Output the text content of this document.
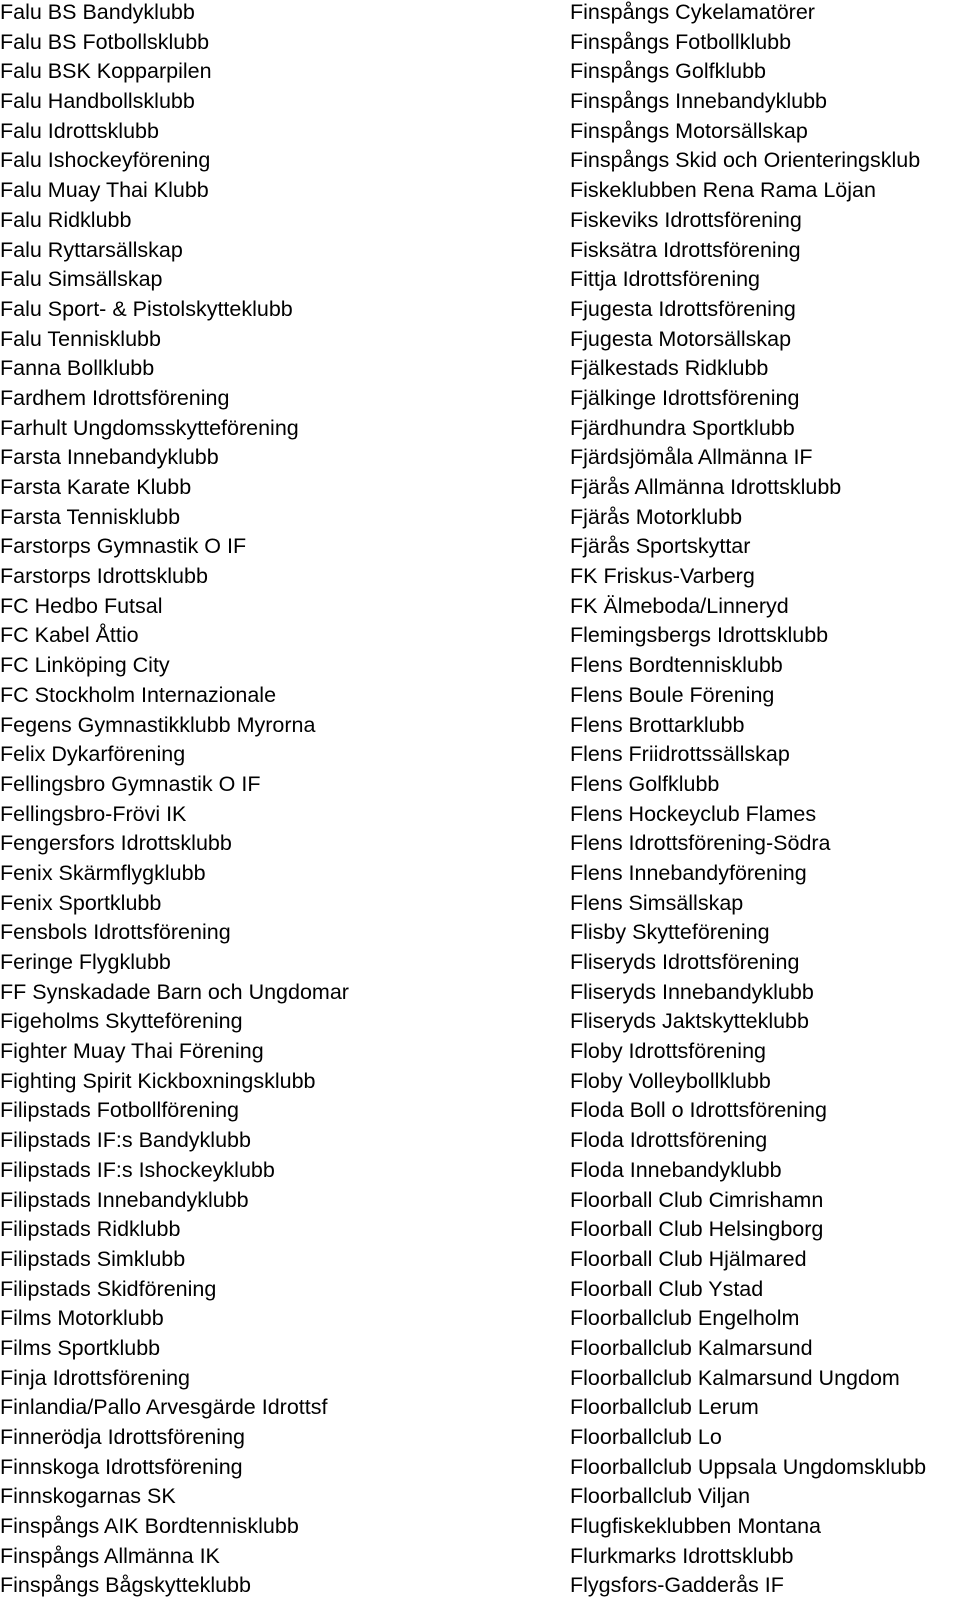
Falu BS Bandyklubb
Falu BS Fotbollsklubb
Falu BSK Kopparpilen
Falu Handbollsklubb
Falu Idrottsklubb
Falu Ishockeyförening
Falu Muay Thai Klubb
Falu Ridklubb
Falu Ryttarsällskap
Falu Simsällskap
Falu Sport- & Pistolskytteklubb
Falu Tennisklubb
Fanna Bollklubb
Fardhem Idrottsförening
Farhult Ungdomsskytteförening
Farsta Innebandyklubb
Farsta Karate Klubb
Farsta Tennisklubb
Farstorps Gymnastik O IF
Farstorps Idrottsklubb
FC Hedbo Futsal
FC Kabel Åttio
FC Linköping City
FC Stockholm Internazionale
Fegens Gymnastikklubb Myrorna
Felix Dykarförening
Fellingsbro Gymnastik O IF
Fellingsbro-Frövi IK
Fengersfors Idrottsklubb
Fenix Skärmflygklubb
Fenix Sportklubb
Fensbols Idrottsförening
Feringe Flygklubb
FF Synskadade Barn och Ungdomar
Figeholms Skytteförening
Fighter Muay Thai Förening
Fighting Spirit Kickboxningsklubb
Filipstads Fotbollförening
Filipstads IF:s Bandyklubb
Filipstads IF:s Ishockeyklubb
Filipstads Innebandyklubb
Filipstads Ridklubb
Filipstads Simklubb
Filipstads Skidförening
Films Motorklubb
Films Sportklubb
Finja Idrottsförening
Finlandia/Pallo Arvesgärde Idrottsf
Finnerödja Idrottsförening
Finnskoga Idrottsförening
Finnskogarnas SK
Finspångs AIK Bordtennisklubb
Finspångs Allmänna IK
Finspångs Bågskytteklubb
Finspångs Cykelamatörer
Finspångs Fotbollklubb
Finspångs Golfklubb
Finspångs Innebandyklubb
Finspångs Motorsällskap
Finspångs Skid och Orienteringsklub
Fiskeklubben Rena Rama Löjan
Fiskeviks Idrottsförening
Fisksätra Idrottsförening
Fittja Idrottsförening
Fjugesta Idrottsförening
Fjugesta Motorsällskap
Fjälkestads Ridklubb
Fjälkinge Idrottsförening
Fjärdhundra Sportklubb
Fjärdsjömåla Allmänna IF
Fjärås Allmänna Idrottsklubb
Fjärås Motorklubb
Fjärås Sportskyttar
FK Friskus-Varberg
FK Älmeboda/Linneryd
Flemingsbergs Idrottsklubb
Flens Bordtennisklubb
Flens Boule Förening
Flens Brottarklubb
Flens Friidrottssällskap
Flens Golfklubb
Flens Hockeyclub Flames
Flens Idrottsförening-Södra
Flens Innebandyförening
Flens Simsällskap
Flisby Skytteförening
Fliseryds Idrottsförening
Fliseryds Innebandyklubb
Fliseryds Jaktskytteklubb
Floby Idrottsförening
Floby Volleybollklubb
Floda Boll o Idrottsförening
Floda Idrottsförening
Floda Innebandyklubb
Floorball Club Cimrishamn
Floorball Club Helsingborg
Floorball Club Hjälmared
Floorball Club Ystad
Floorballclub Engelholm
Floorballclub Kalmarsund
Floorballclub Kalmarsund Ungdom
Floorballclub Lerum
Floorballclub Lo
Floorballclub Uppsala Ungdomsklubb
Floorballclub Viljan
Flugfiskeklubben Montana
Flurkmarks Idrottsklubb
Flygsfors-Gadderås IF
